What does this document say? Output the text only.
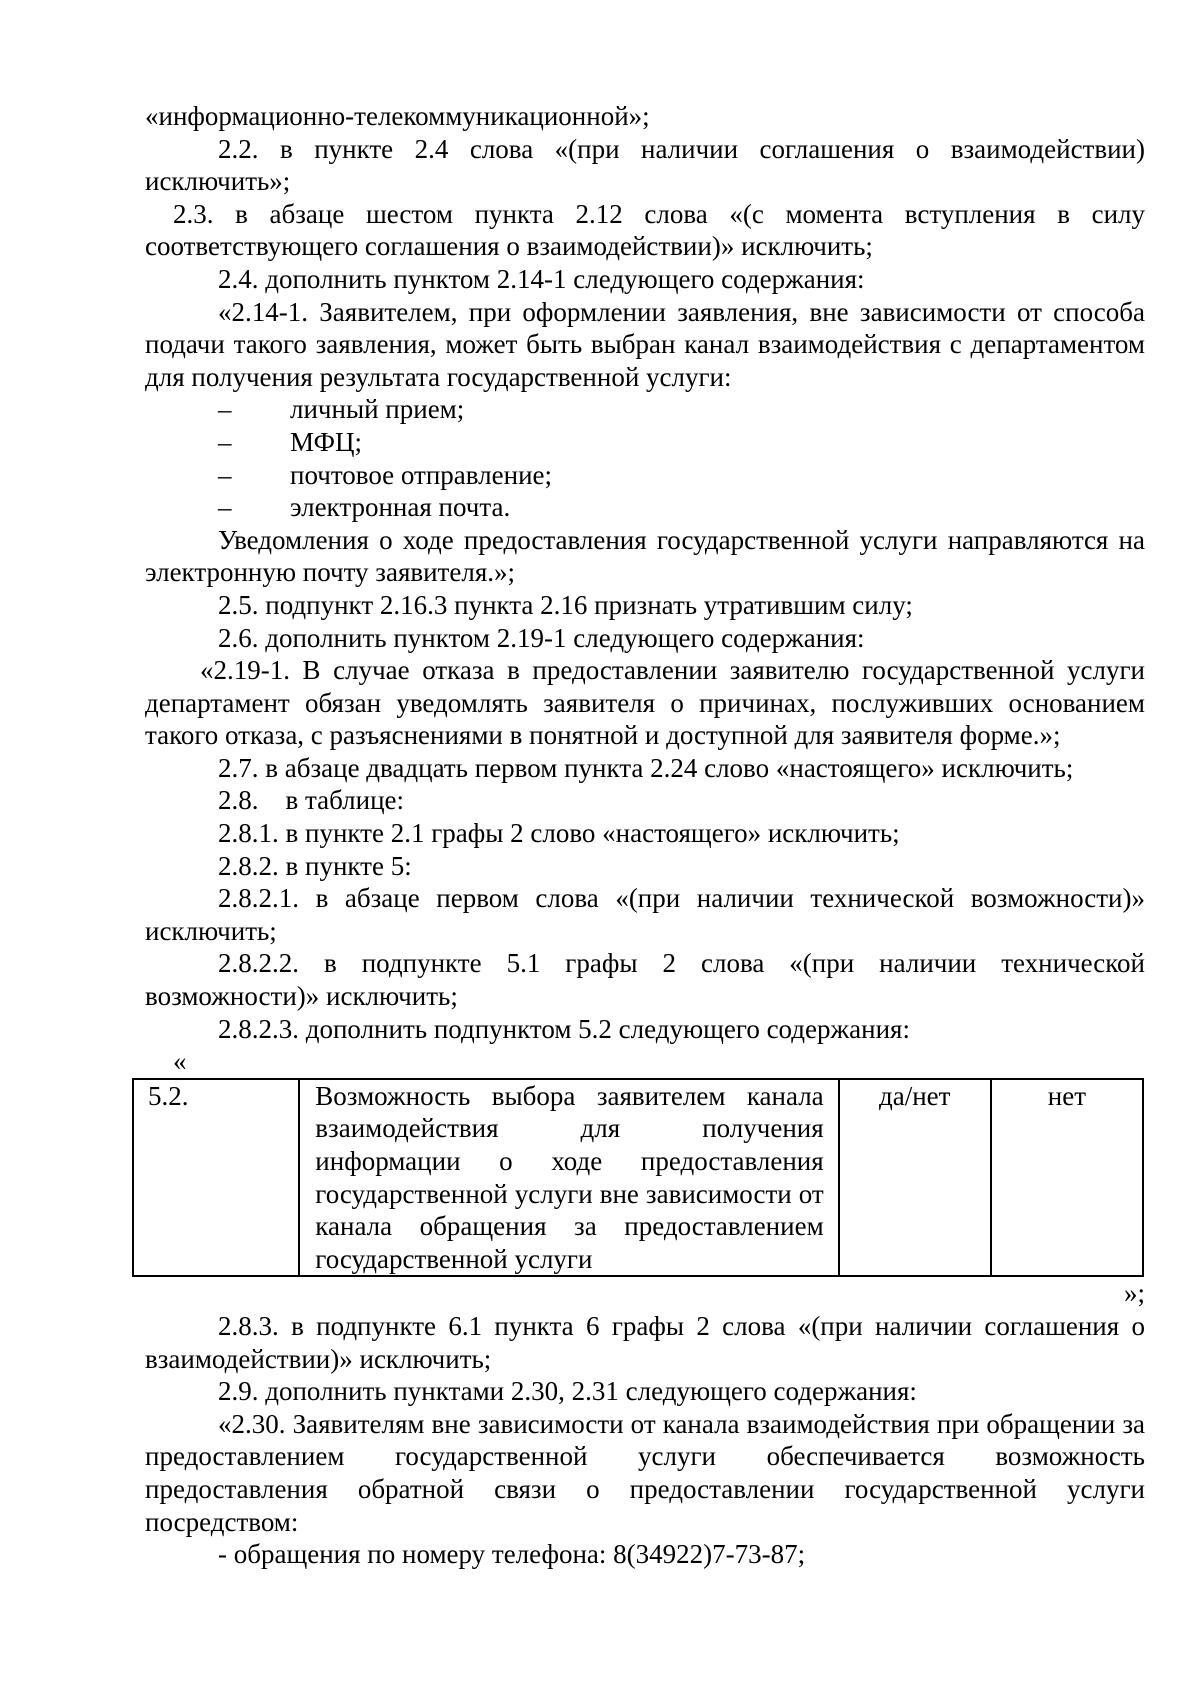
«информационно-телекоммуникационной»;

2.2. в пункте 2.4 слова «(при наличии соглашения о взаимодействии) исключить»;

2.3. в абзаце шестом пункта 2.12 слова «(с момента вступления в силу соответствующего соглашения о взаимодействии)» исключить;

2.4. дополнить пунктом 2.14-1 следующего содержания:

«2.14-1. Заявителем, при оформлении заявления, вне зависимости от способа подачи такого заявления, может быть выбран канал взаимодействия с департаментом для получения результата государственной услуги:

–	личный прием;
–	МФЦ;
–	почтовое отправление;
–	электронная почта.

Уведомления о ходе предоставления государственной услуги направляются на электронную почту заявителя.»;

2.5. подпункт 2.16.3 пункта 2.16 признать утратившим силу;

2.6. дополнить пунктом 2.19-1 следующего содержания:

«2.19-1. В случае отказа в предоставлении заявителю государственной услуги департамент обязан уведомлять заявителя о причинах, послуживших основанием такого отказа, с разъяснениями в понятной и доступной для заявителя форме.»;

2.7. в абзаце двадцать первом пункта 2.24 слово «настоящего» исключить;

2.8.    в таблице:

2.8.1. в пункте 2.1 графы 2 слово «настоящего» исключить;

2.8.2. в пункте 5:

2.8.2.1. в абзаце первом слова «(при наличии технической возможности)» исключить;

2.8.2.2. в подпункте 5.1 графы 2 слова «(при наличии технической возможности)» исключить;

2.8.2.3. дополнить подпунктом 5.2 следующего содержания:

«

5.2.	Возможность выбора заявителем канала взаимодействия для получения информации о ходе предоставления государственной услуги вне зависимости от канала обращения за предоставлением государственной услуги	да/нет	нет

»;

2.8.3. в подпункте 6.1 пункта 6 графы 2 слова «(при наличии соглашения о взаимодействии)» исключить;

2.9. дополнить пунктами 2.30, 2.31 следующего содержания:

«2.30. Заявителям вне зависимости от канала взаимодействия при обращении за предоставлением государственной услуги обеспечивается возможность предоставления обратной связи о предоставлении государственной услуги посредством:

- обращения по номеру телефона: 8(34922)7-73-87;
